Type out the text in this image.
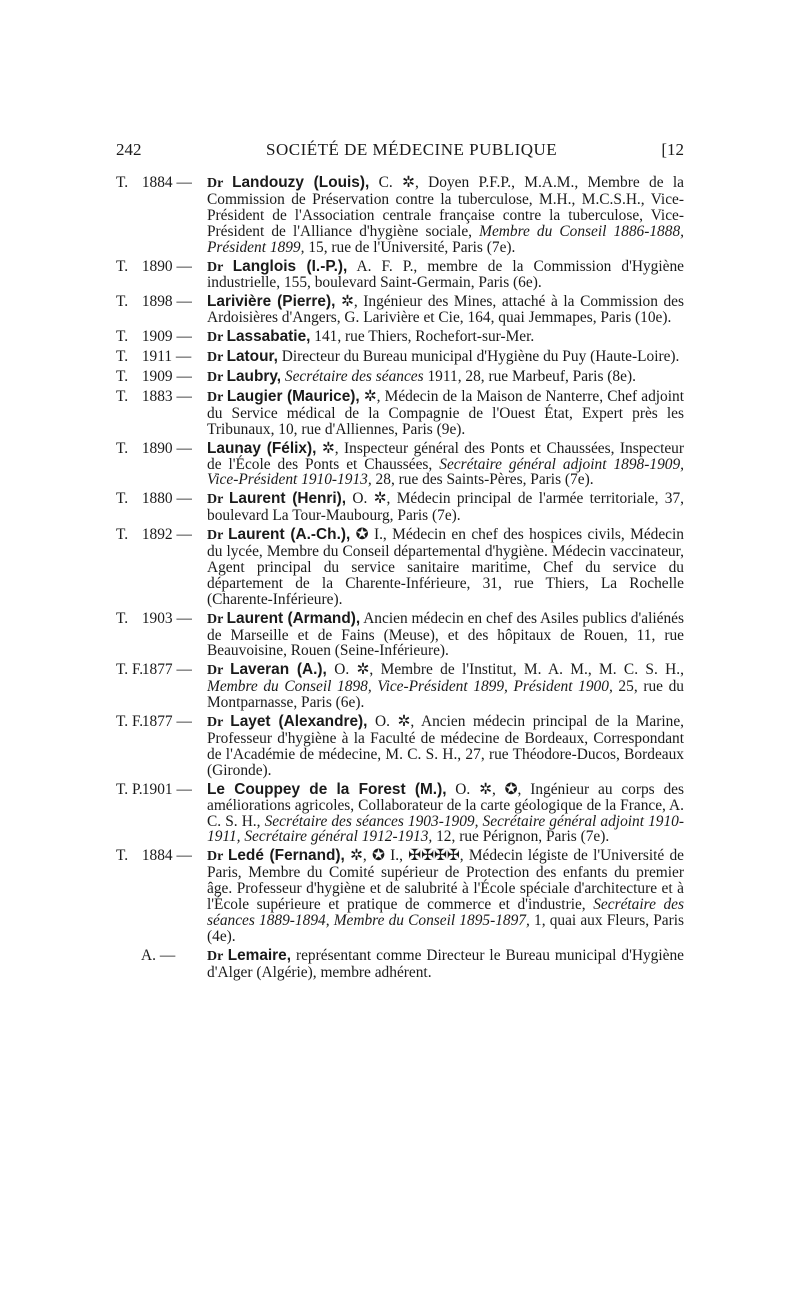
242	SOCIÉTÉ DE MÉDECINE PUBLIQUE	[12
T. 1884 —	Dr Landouzy (Louis), C. ✲, Doyen P.F.P., M.A.M., Membre de la Commission de Préservation contre la tuberculose, M.H., M.C.S.H., Vice-Président de l'Association centrale française contre la tuberculose, Vice-Président de l'Alliance d'hygiène sociale, Membre du Conseil 1886-1888, Président 1899, 15, rue de l'Université, Paris (7e).
T. 1890 —	Dr Langlois (I.-P.), A. F. P., membre de la Commission d'Hygiène industrielle, 155, boulevard Saint-Germain, Paris (6e).
T. 1898 — Larivière (Pierre), ✲, Ingénieur des Mines, attaché à la Commission des Ardoisières d'Angers, G. Larivière et Cie, 164, quai Jemmapes, Paris (10e).
T. 1909 —	Dr Lassabatie, 141, rue Thiers, Rochefort-sur-Mer.
T. 1911 —	Dr Latour, Directeur du Bureau municipal d'Hygiène du Puy (Haute-Loire).
T. 1909 —	Dr Laubry, Secrétaire des séances 1911, 28, rue Marbeuf, Paris (8e).
T. 1883 —	Dr Laugier (Maurice), ✲, Médecin de la Maison de Nanterre, Chef adjoint du Service médical de la Compagnie de l'Ouest État, Expert près les Tribunaux, 10, rue d'Alliennes, Paris (9e).
T. 1890 — Launay (Félix), ✲, Inspecteur général des Ponts et Chaussées, Inspecteur de l'École des Ponts et Chaussées, Secrétaire général adjoint 1898-1909, Vice-Président 1910-1913, 28, rue des Saints-Pères, Paris (7e).
T. 1880 —	Dr Laurent (Henri), O. ✲, Médecin principal de l'armée territoriale, 37, boulevard La Tour-Maubourg, Paris (7e).
T. 1892 —	Dr Laurent (A.-Ch.), ✪ I., Médecin en chef des hospices civils, Médecin du lycée, Membre du Conseil départemental d'hygiène. Médecin vaccinateur, Agent principal du service sanitaire maritime, Chef du service du département de la Charente-Inférieure, 31, rue Thiers, La Rochelle (Charente-Inférieure).
T. 1903 —	Dr Laurent (Armand), Ancien médecin en chef des Asiles publics d'aliénés de Marseille et de Fains (Meuse), et des hôpitaux de Rouen, 11, rue Beauvoisine, Rouen (Seine-Inférieure).
T. F. 1877 —	Dr Laveran (A.), O. ✲, Membre de l'Institut, M. A. M., M. C. S. H., Membre du Conseil 1898, Vice-Président 1899, Président 1900, 25, rue du Montparnasse, Paris (6e).
T. F. 1877 —	Dr Layet (Alexandre), O. ✲, Ancien médecin principal de la Marine, Professeur d'hygiène à la Faculté de médecine de Bordeaux, Correspondant de l'Académie de médecine, M. C. S. H., 27, rue Théodore-Ducos, Bordeaux (Gironde).
T. P. 1901 — Le Couppey de la Forest (M.), O. ✲, ✪, Ingénieur au corps des améliorations agricoles, Collaborateur de la carte géologique de la France, A. C. S. H., Secrétaire des séances 1903-1909, Secrétaire général adjoint 1910-1911, Secrétaire général 1912-1913, 12, rue Pérignon, Paris (7e).
T. 1884 —	Dr Ledé (Fernand), ✲, ✪ I., ✠✠✠✠, Médecin légiste de l'Université de Paris, Membre du Comité supérieur de Protection des enfants du premier âge. Professeur d'hygiène et de salubrité à l'École spéciale d'architecture et à l'École supérieure et pratique de commerce et d'industrie, Secrétaire des séances 1889-1894, Membre du Conseil 1895-1897, 1, quai aux Fleurs, Paris (4e).
A. —	Dr Lemaire, représentant comme Directeur le Bureau municipal d'Hygiène d'Alger (Algérie), membre adhérent.
